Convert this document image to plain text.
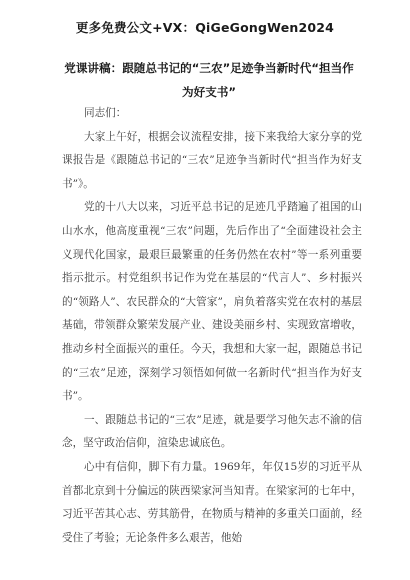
更多免费公文+VX：QiGeGongWen2024
党课讲稿：跟随总书记的“三农”足迹争当新时代“担当作为好支书”

同志们：

大家上午好，根据会议流程安排，接下来我给大家分享的党课报告是《跟随总书记的“三农”足迹争当新时代“担当作为好支书”》。

党的十八大以来，习近平总书记的足迹几乎踏遍了祖国的山山水水，他高度重视“三农”问题，先后作出了“全面建设社会主义现代化国家，最艰巨最繁重的任务仍然在农村”等一系列重要指示批示。村党组织书记作为党在基层的“代言人”、乡村振兴的“领路人”、农民群众的“大管家”，肩负着落实党在农村的基层基础，带领群众繁荣发展产业、建设美丽乡村、实现致富增收，推动乡村全面振兴的重任。今天，我想和大家一起，跟随总书记的“三农”足迹，深刻学习领悟如何做一名新时代“担当作为好支书”。

一、跟随总书记的“三农”足迹，就是要学习他矢志不渝的信念，坚守政治信仰，渲染忠诚底色。

心中有信仰，脚下有力量。1969年，年仅15岁的习近平从首都北京到十分偏远的陕西梁家河当知青。在梁家河的七年中，习近平苦其心志、劳其筋骨，在物质与精神的多重关口面前，经受住了考验；无论条件多么艰苦，他始
